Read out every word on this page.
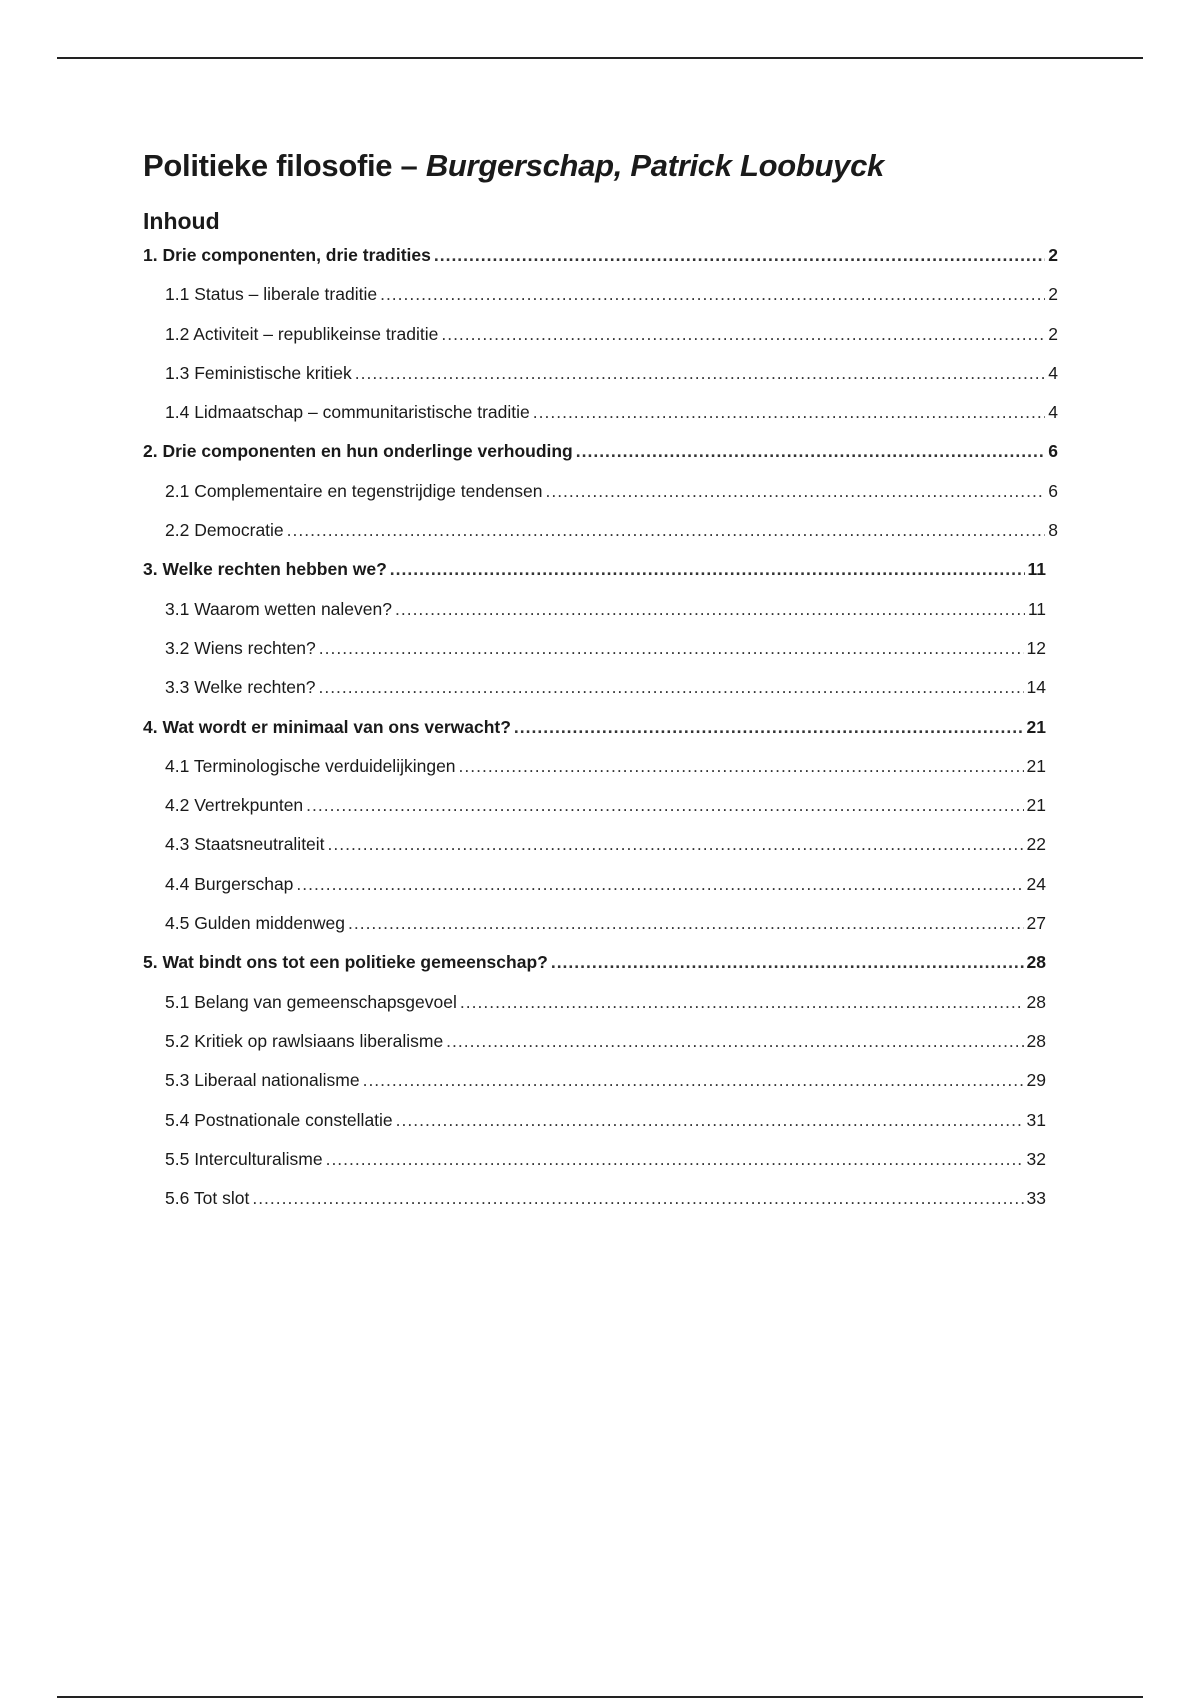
Politieke filosofie – Burgerschap, Patrick Loobuyck
Inhoud
1. Drie componenten, drie tradities .....	2
1.1 Status – liberale traditie .....	2
1.2 Activiteit – republikeinse traditie .....	2
1.3 Feministische kritiek .....	4
1.4 Lidmaatschap – communitaristische traditie .....	4
2. Drie componenten en hun onderlinge verhouding .....	6
2.1 Complementaire en tegenstrijdige tendensen .....	6
2.2 Democratie .....	8
3. Welke rechten hebben we? .....	11
3.1 Waarom wetten naleven? .....	11
3.2 Wiens rechten? .....	12
3.3 Welke rechten? .....	14
4. Wat wordt er minimaal van ons verwacht? .....	21
4.1 Terminologische verduidelijkingen .....	21
4.2 Vertrekpunten .....	21
4.3 Staatsneutraliteit .....	22
4.4 Burgerschap .....	24
4.5 Gulden middenweg .....	27
5. Wat bindt ons tot een politieke gemeenschap? .....	28
5.1 Belang van gemeenschapsgevoel .....	28
5.2 Kritiek op rawlsiaans liberalisme .....	28
5.3 Liberaal nationalisme .....	29
5.4 Postnationale constellatie .....	31
5.5 Interculturalisme .....	32
5.6 Tot slot .....	33
